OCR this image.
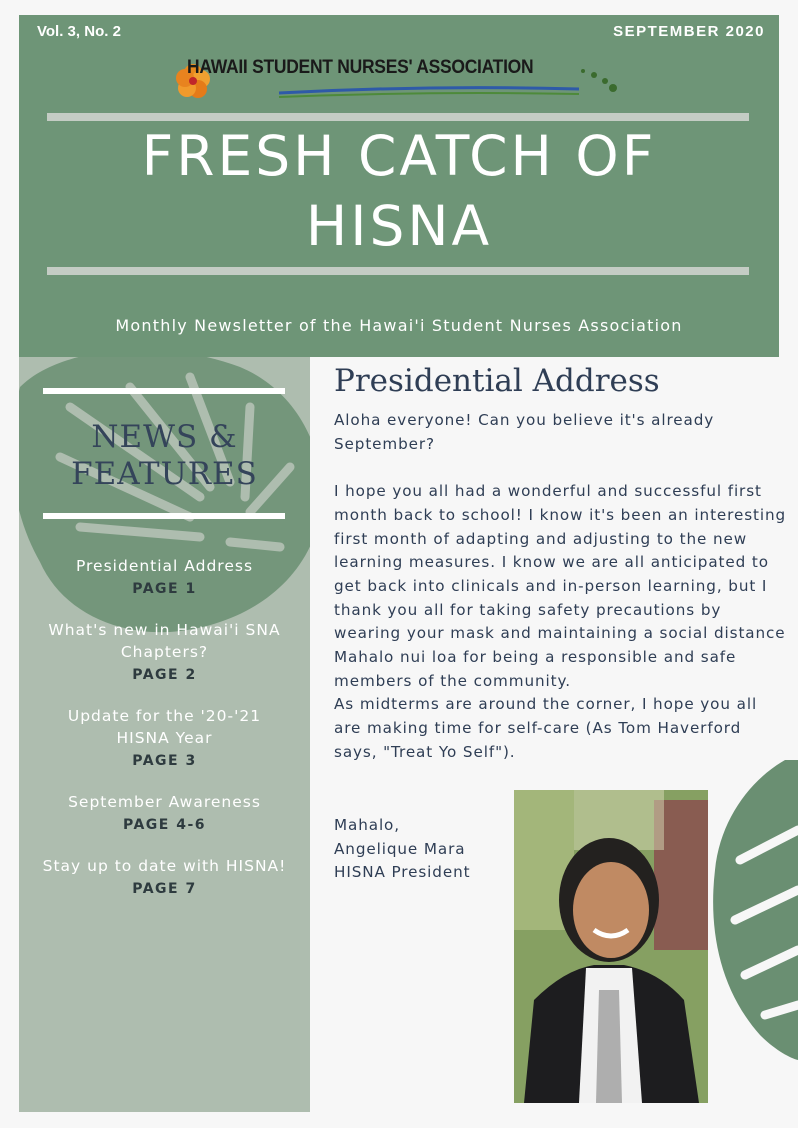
Vol. 3, No. 2	SEPTEMBER 2020
HAWAII STUDENT NURSES' ASSOCIATION
FRESH CATCH OF
HISNA
Monthly Newsletter of the Hawai'i Student Nurses Association
NEWS &
FEATURES
Presidential Address
PAGE 1
What's new in Hawai'i SNA Chapters?
PAGE 2
Update for the '20-'21 HISNA Year
PAGE 3
September Awareness
PAGE 4-6
Stay up to date with HISNA!
PAGE 7
Presidential Address

Aloha everyone! Can you believe it's already September?

I hope you all had a wonderful and successful first month back to school! I know it's been an interesting first month of adapting and adjusting to the new learning measures. I know we are all anticipated to get back into clinicals and in-person learning, but I thank you all for taking safety precautions by wearing your mask and maintaining a social distance

Mahalo nui loa for being a responsible and safe members of the community.

As midterms are around the corner, I hope you all are making time for self-care (As Tom Haverford says, "Treat Yo Self").

Mahalo,
Angelique Mara
HISNA President
